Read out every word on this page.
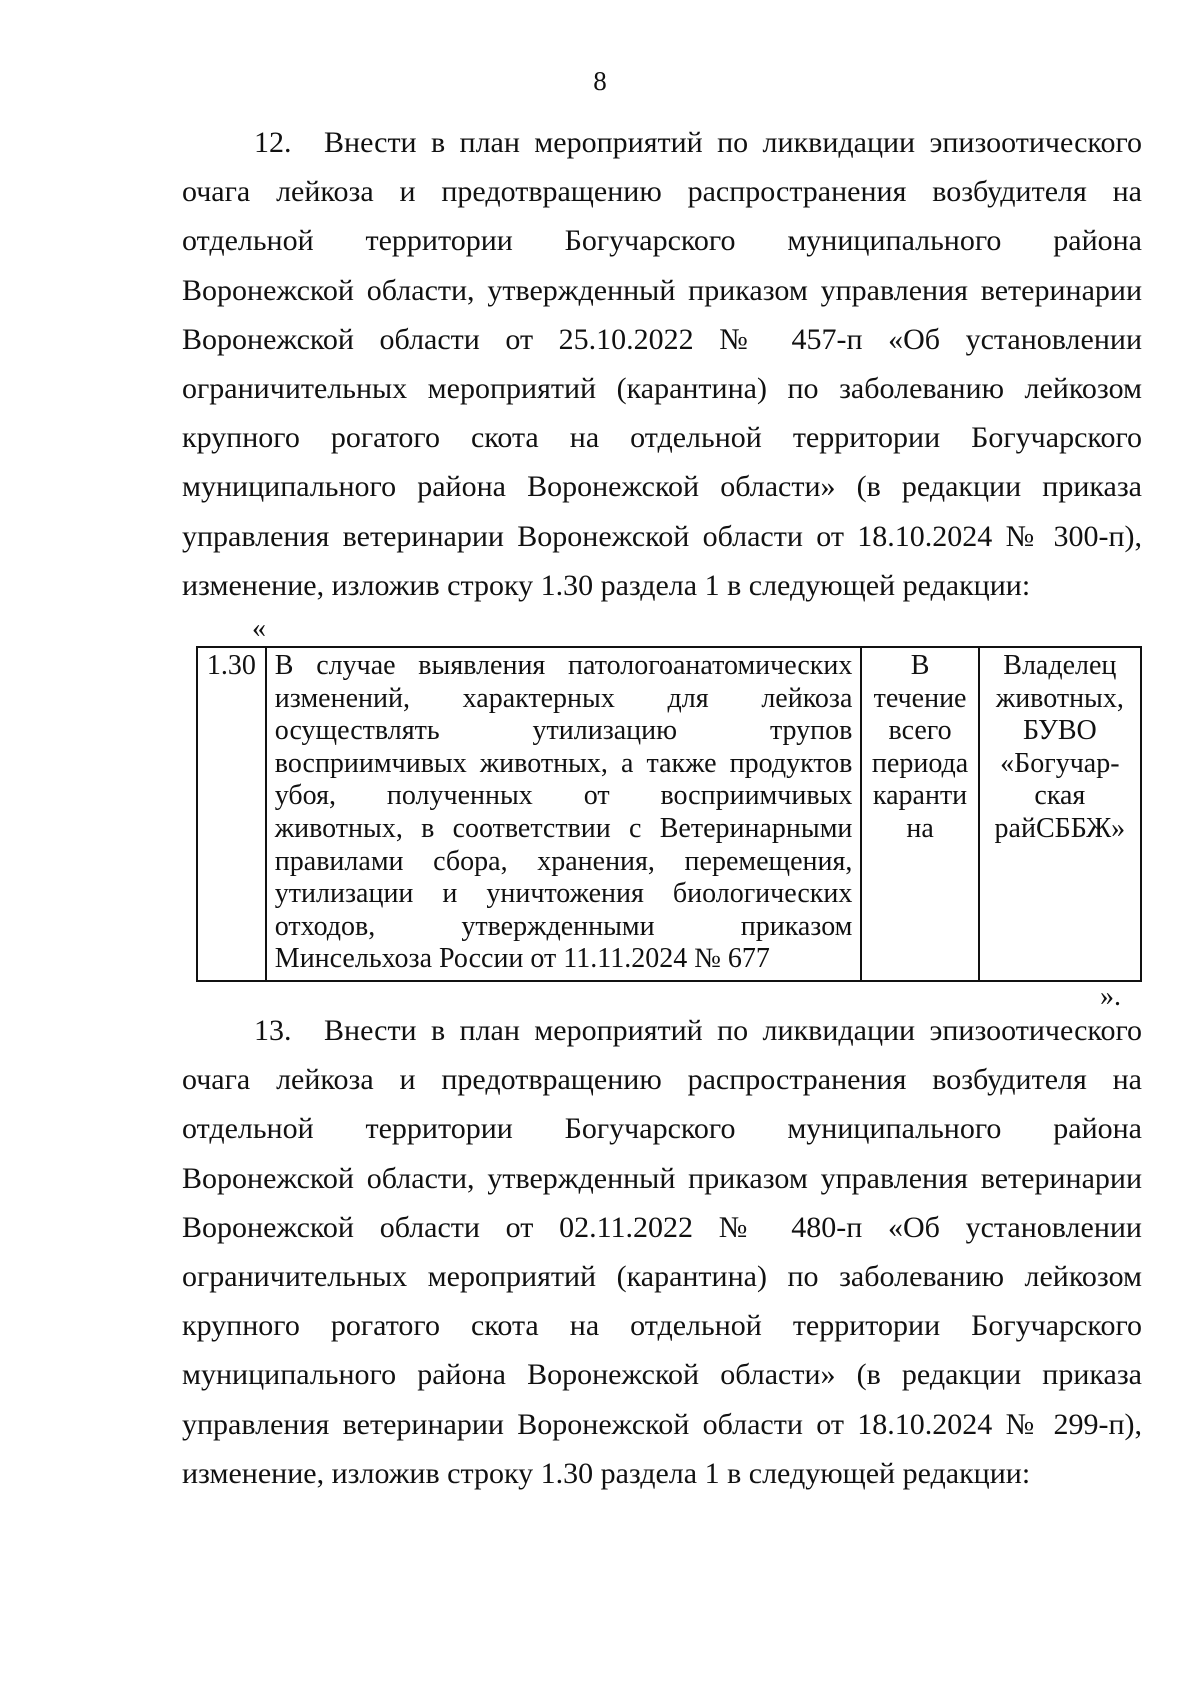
8
12. Внести в план мероприятий по ликвидации эпизоотического очага лейкоза и предотвращению распространения возбудителя на отдельной территории Богучарского муниципального района Воронежской области, утвержденный приказом управления ветеринарии Воронежской области от 25.10.2022 № 457-п «Об установлении ограничительных мероприятий (карантина) по заболеванию лейкозом крупного рогатого скота на отдельной территории Богучарского муниципального района Воронежской области» (в редакции приказа управления ветеринарии Воронежской области от 18.10.2024 № 300-п), изменение, изложив строку 1.30 раздела 1 в следующей редакции:
«
1.30	В случае выявления патологоанатомических изменений, характерных для лейкоза осуществлять утилизацию трупов восприимчивых животных, а также продуктов убоя, полученных от восприимчивых животных, в соответствии с Ветеринарными правилами сбора, хранения, перемещения, утилизации и уничтожения биологических отходов, утвержденными приказом Минсельхоза России от 11.11.2024 № 677	В течение всего периода каранти на	Владелец животных, БУВО «Богучар-ская райСББЖ»
».
13. Внести в план мероприятий по ликвидации эпизоотического очага лейкоза и предотвращению распространения возбудителя на отдельной территории Богучарского муниципального района Воронежской области, утвержденный приказом управления ветеринарии Воронежской области от 02.11.2022 № 480-п «Об установлении ограничительных мероприятий (карантина) по заболеванию лейкозом крупного рогатого скота на отдельной территории Богучарского муниципального района Воронежской области» (в редакции приказа управления ветеринарии Воронежской области от 18.10.2024 № 299-п), изменение, изложив строку 1.30 раздела 1 в следующей редакции:
